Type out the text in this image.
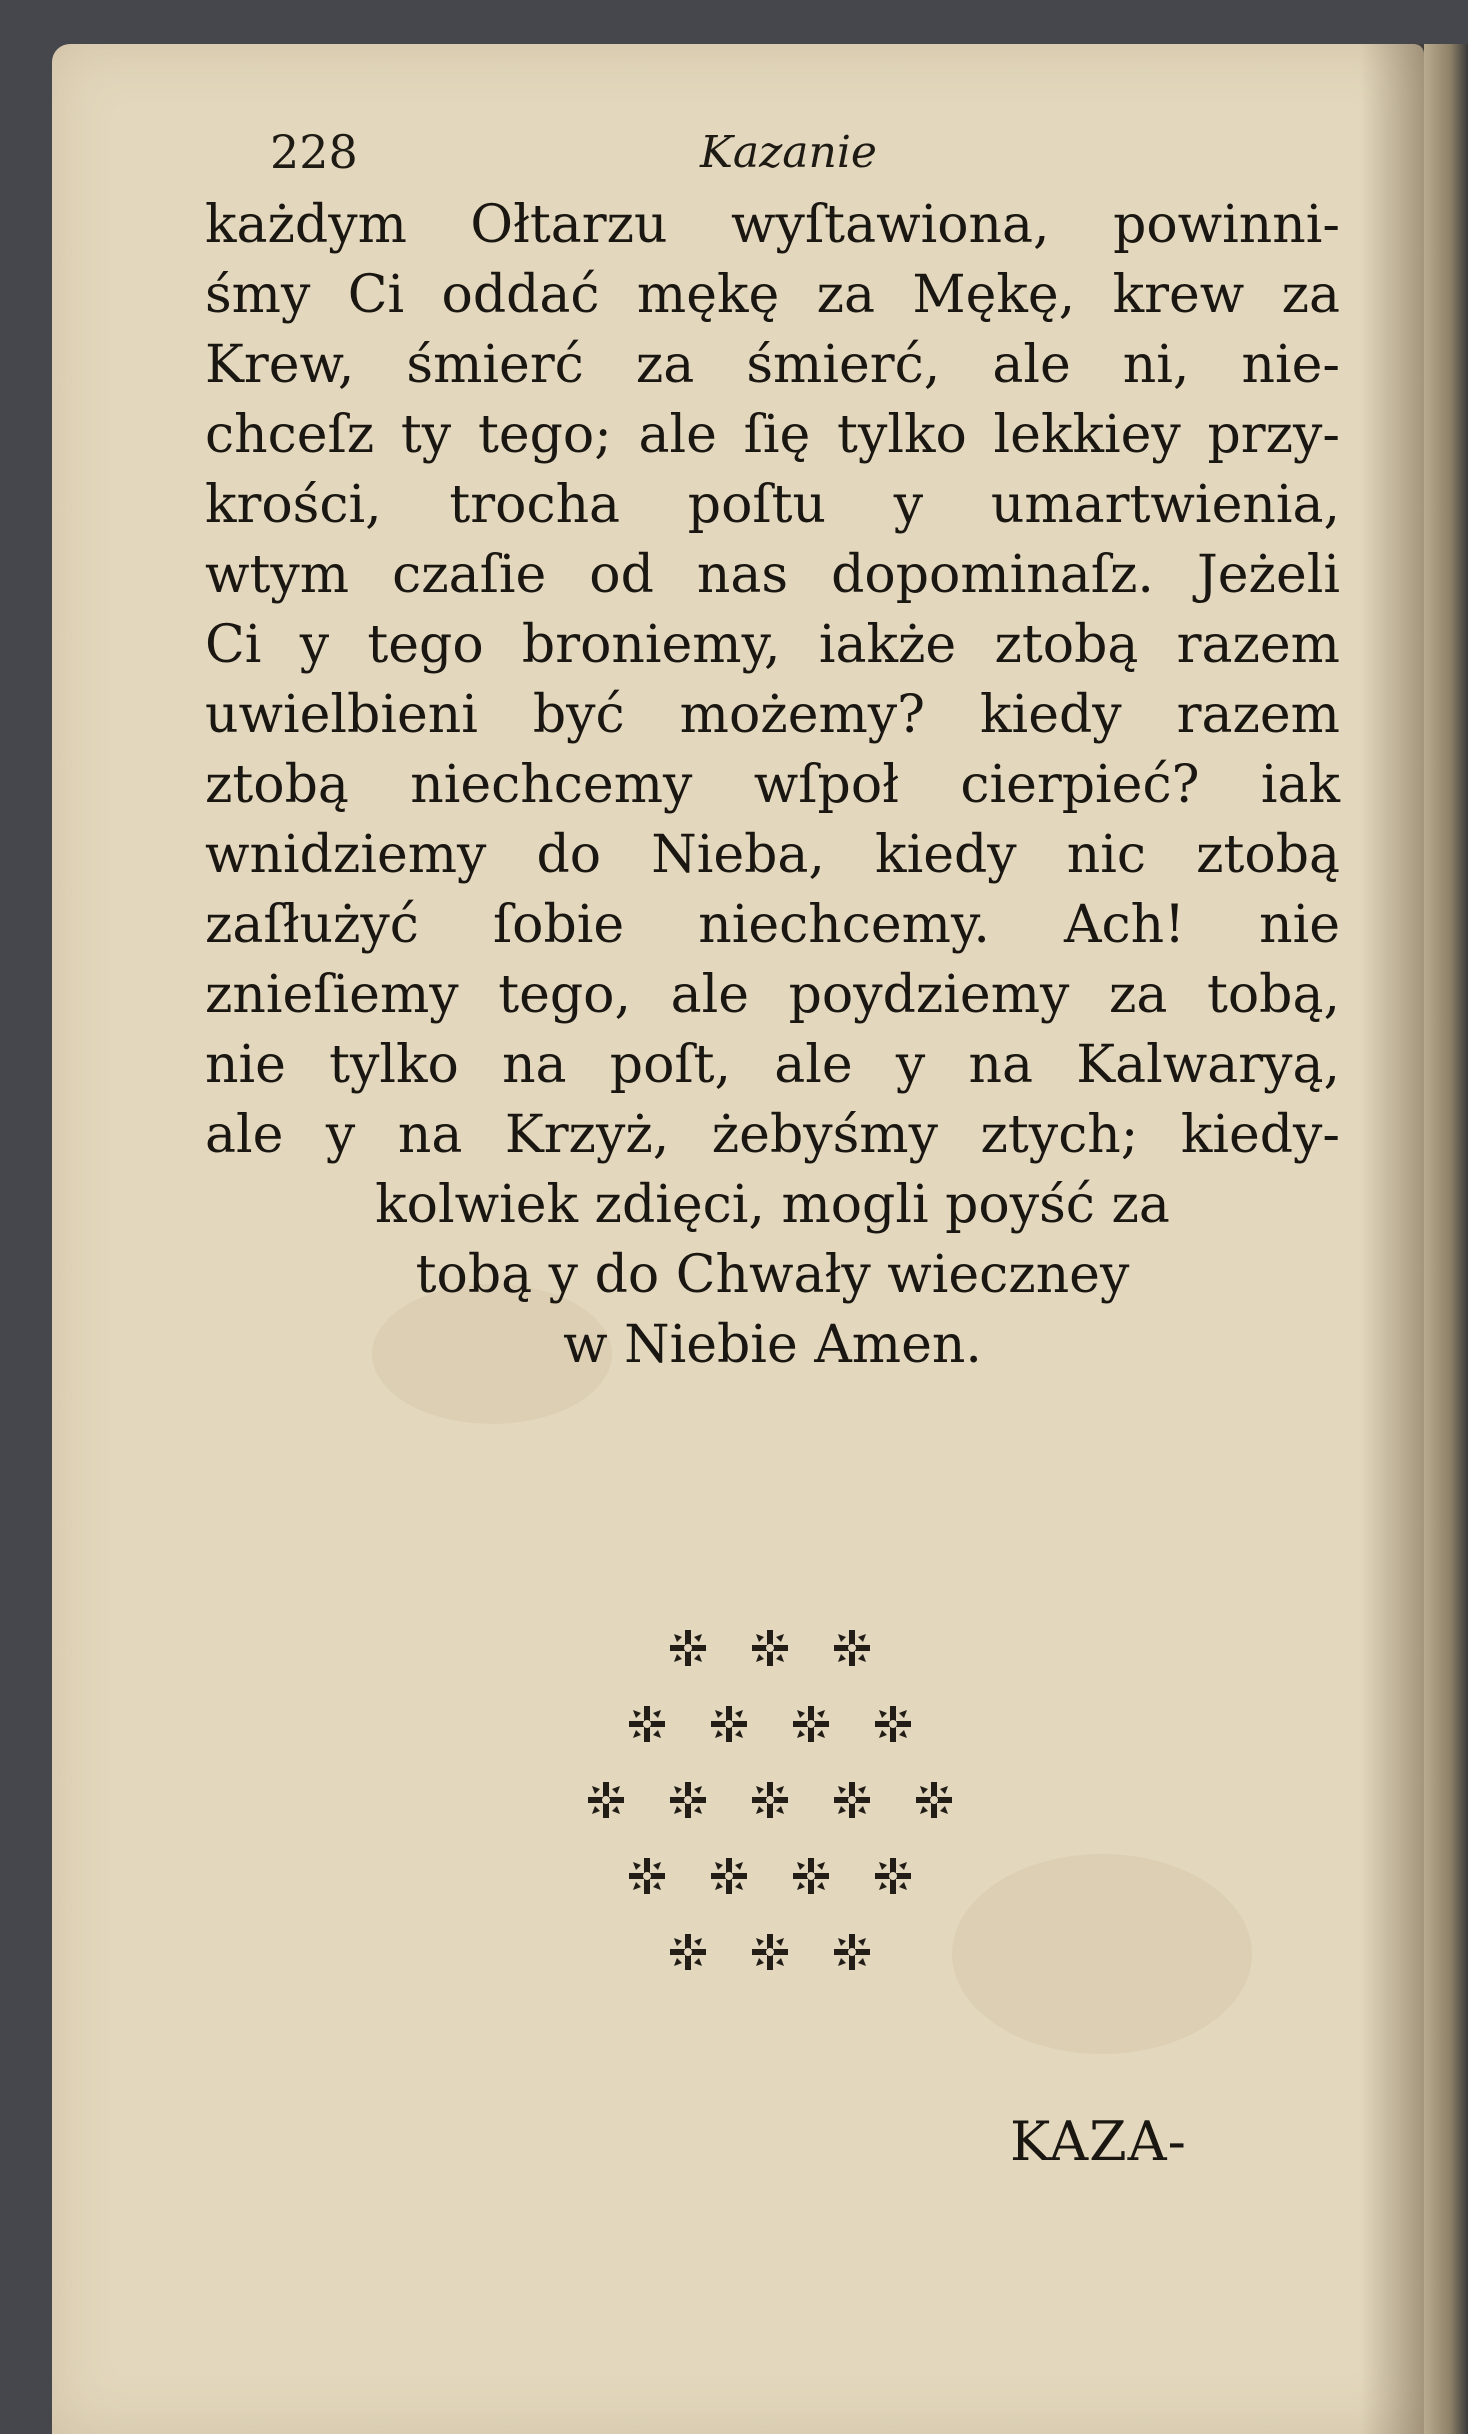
228	Kazanie
każdym Ołtarzu wyſtawiona, powinni-
śmy Ci oddać mękę za Mękę, krew za
Krew, śmierć za śmierć, ale ni, nie-
chceſz ty tego; ale ſię tylko lekkiey przy-
krości, trocha poſtu y umartwienia,
wtym czaſie od nas dopominaſz. Jeżeli
Ci y tego broniemy, iakże ztobą razem
uwielbieni być możemy? kiedy razem
ztobą niechcemy wſpoł cierpieć? iak
wnidziemy do Nieba, kiedy nic ztobą
zaſłużyć ſobie niechcemy. Ach! nie
znieſiemy tego, ale poydziemy za tobą,
nie tylko na poſt, ale y na Kalwaryą,
ale y na Krzyż, żebyśmy ztych; kiedy-
kolwiek zdięci, mogli poyść za
tobą y do Chwały wieczney
w Niebie Amen.
KAZA-
